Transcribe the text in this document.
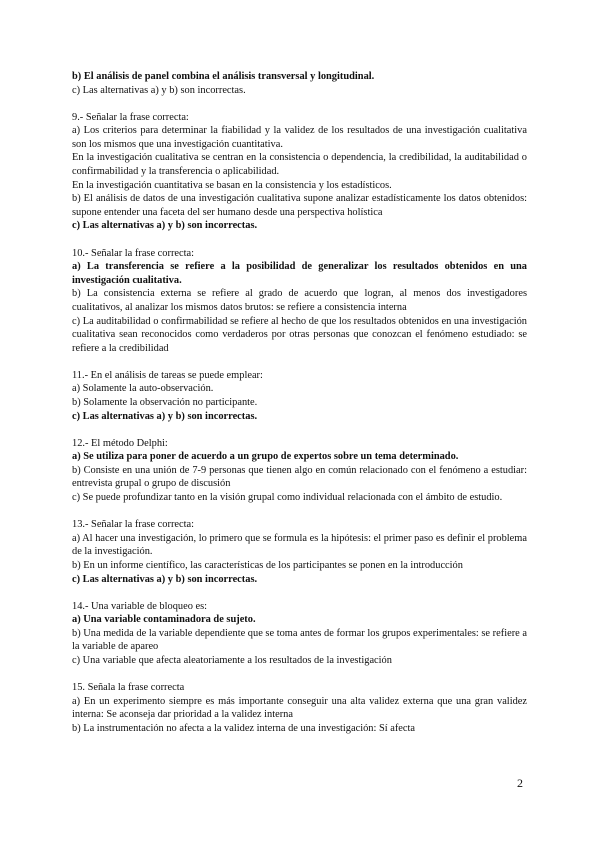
b) El análisis de panel combina el análisis transversal y longitudinal.

c) Las alternativas a) y b) son incorrectas.

9.- Señalar la frase correcta:

a) Los criterios para determinar la fiabilidad y la validez de los resultados de una investigación cualitativa son los mismos que una investigación cuantitativa.

En la investigación cualitativa se centran en la consistencia o dependencia, la credibilidad, la auditabilidad o confirmabilidad y la transferencia o aplicabilidad.

En la investigación cuantitativa se basan en la consistencia y los estadísticos.

b) El análisis de datos de una investigación cualitativa supone analizar estadísticamente los datos obtenidos: supone entender una faceta del ser humano desde una perspectiva holística

c) Las alternativas a) y b) son incorrectas.

10.- Señalar la frase correcta:

a) La transferencia se refiere a la posibilidad de generalizar los resultados obtenidos en una investigación cualitativa.

b) La consistencia externa se refiere al grado de acuerdo que logran, al menos dos investigadores cualitativos, al analizar los mismos datos brutos: se refiere a consistencia interna

c) La auditabilidad o confirmabilidad se refiere al hecho de que los resultados obtenidos en una investigación cualitativa sean reconocidos como verdaderos por otras personas que conozcan el fenómeno estudiado: se refiere a la credibilidad

11.- En el análisis de tareas se puede emplear:

a) Solamente la auto-observación.

b) Solamente la observación no participante.

c) Las alternativas a) y b) son incorrectas.

12.- El método Delphi:

a) Se utiliza para poner de acuerdo a un grupo de expertos sobre un tema determinado.

b) Consiste en una unión de 7-9 personas que tienen algo en común relacionado con el fenómeno a estudiar: entrevista grupal o grupo de discusión

c) Se puede profundizar tanto en la visión grupal como individual relacionada con el ámbito de estudio.

13.- Señalar la frase correcta:

a) Al hacer una investigación, lo primero que se formula es la hipótesis: el primer paso es definir el problema de la investigación.

b) En un informe científico, las características de los participantes se ponen en la introducción

c) Las alternativas a) y b) son incorrectas.

14.- Una variable de bloqueo es:

a) Una variable contaminadora de sujeto.

b) Una medida de la variable dependiente que se toma antes de formar los grupos experimentales: se refiere a la variable de apareo

c) Una variable que afecta aleatoriamente a los resultados de la investigación

15. Señala la frase correcta

a) En un experimento siempre es más importante conseguir una alta validez externa que una gran validez interna: Se aconseja dar prioridad a la validez interna

b) La instrumentación no afecta a la validez interna de una investigación: Sí afecta

2
